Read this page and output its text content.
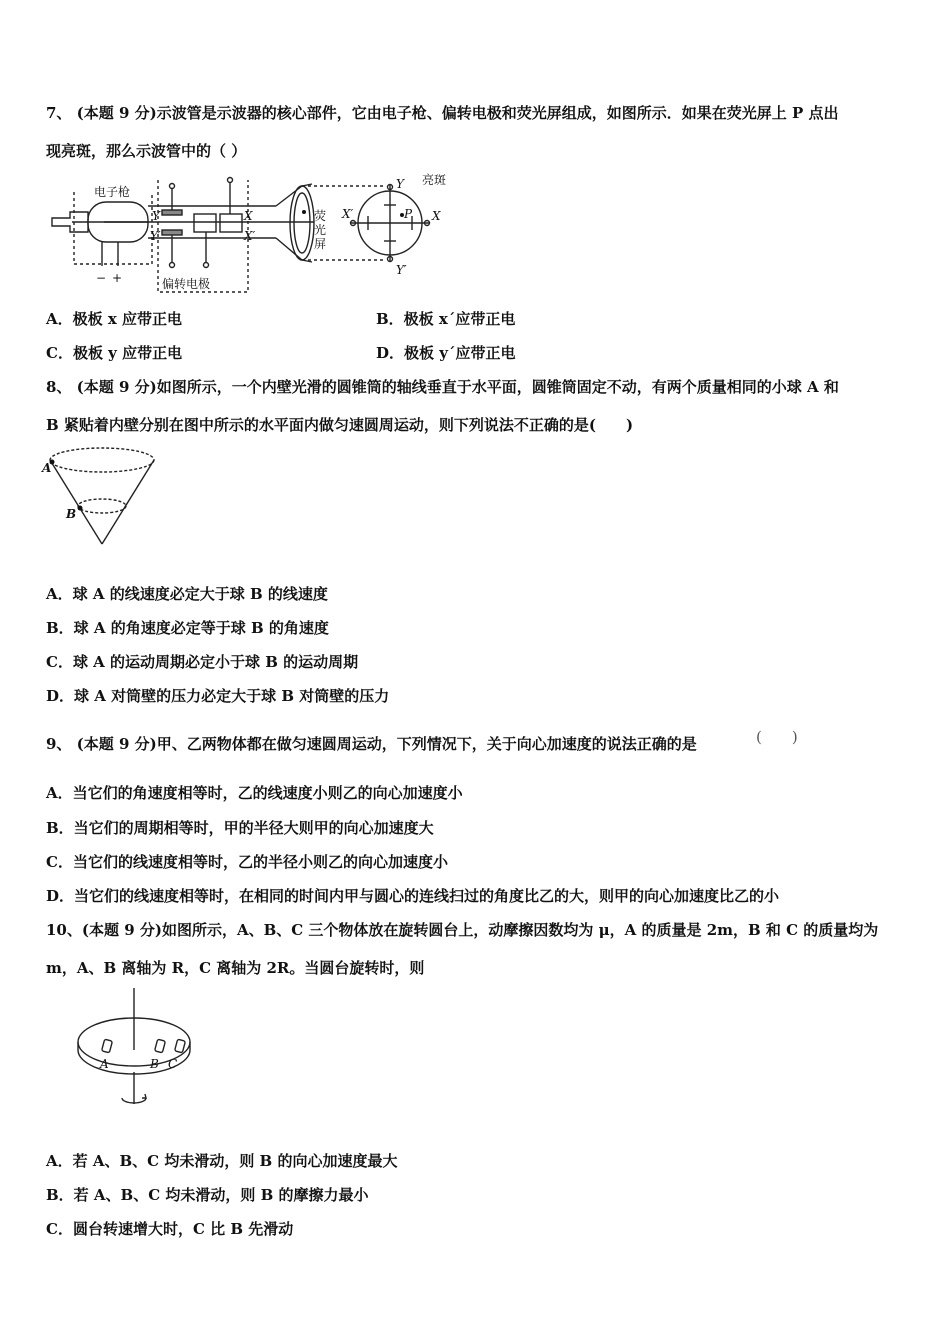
7、 (本题 9 分)示波管是示波器的核心部件，它由电子枪、偏转电极和荧光屏组成，如图所示．如果在荧光屏上 P 点出
现亮斑，那么示波管中的（ ）
电子枪
偏转电极
荧
光
屏
亮斑
− +
Y
Y′
X
X′	P
Y
Y′
X
X′
A．极板 x 应带正电	B．极板 x´应带正电
C．极板 y 应带正电	D．极板 y´应带正电
8、 (本题 9 分)如图所示，一个内壁光滑的圆锥筒的轴线垂直于水平面，圆锥筒固定不动，有两个质量相同的小球 A 和
B 紧贴着内壁分别在图中所示的水平面内做匀速圆周运动，则下列说法不正确的是(　　)
A
B
A．球 A 的线速度必定大于球 B 的线速度
B．球 A 的角速度必定等于球 B 的角速度
C．球 A 的运动周期必定小于球 B 的运动周期
D．球 A 对筒壁的压力必定大于球 B 对筒壁的压力
9、 (本题 9 分)甲、乙两物体都在做匀速圆周运动，下列情况下，关于向心加速度的说法正确的是	(　　)
A．当它们的角速度相等时，乙的线速度小则乙的向心加速度小
B．当它们的周期相等时，甲的半径大则甲的向心加速度大
C．当它们的线速度相等时，乙的半径小则乙的向心加速度小
D．当它们的线速度相等时，在相同的时间内甲与圆心的连线扫过的角度比乙的大，则甲的向心加速度比乙的小
10、(本题 9 分)如图所示，A、B、C 三个物体放在旋转圆台上，动摩擦因数均为 μ，A 的质量是 2m，B 和 C 的质量均为
m，A、B 离轴为 R，C 离轴为 2R。当圆台旋转时，则
A	B C
A．若 A、B、C 均未滑动，则 B 的向心加速度最大
B．若 A、B、C 均未滑动，则 B 的摩擦力最小
C．圆台转速增大时，C 比 B 先滑动
